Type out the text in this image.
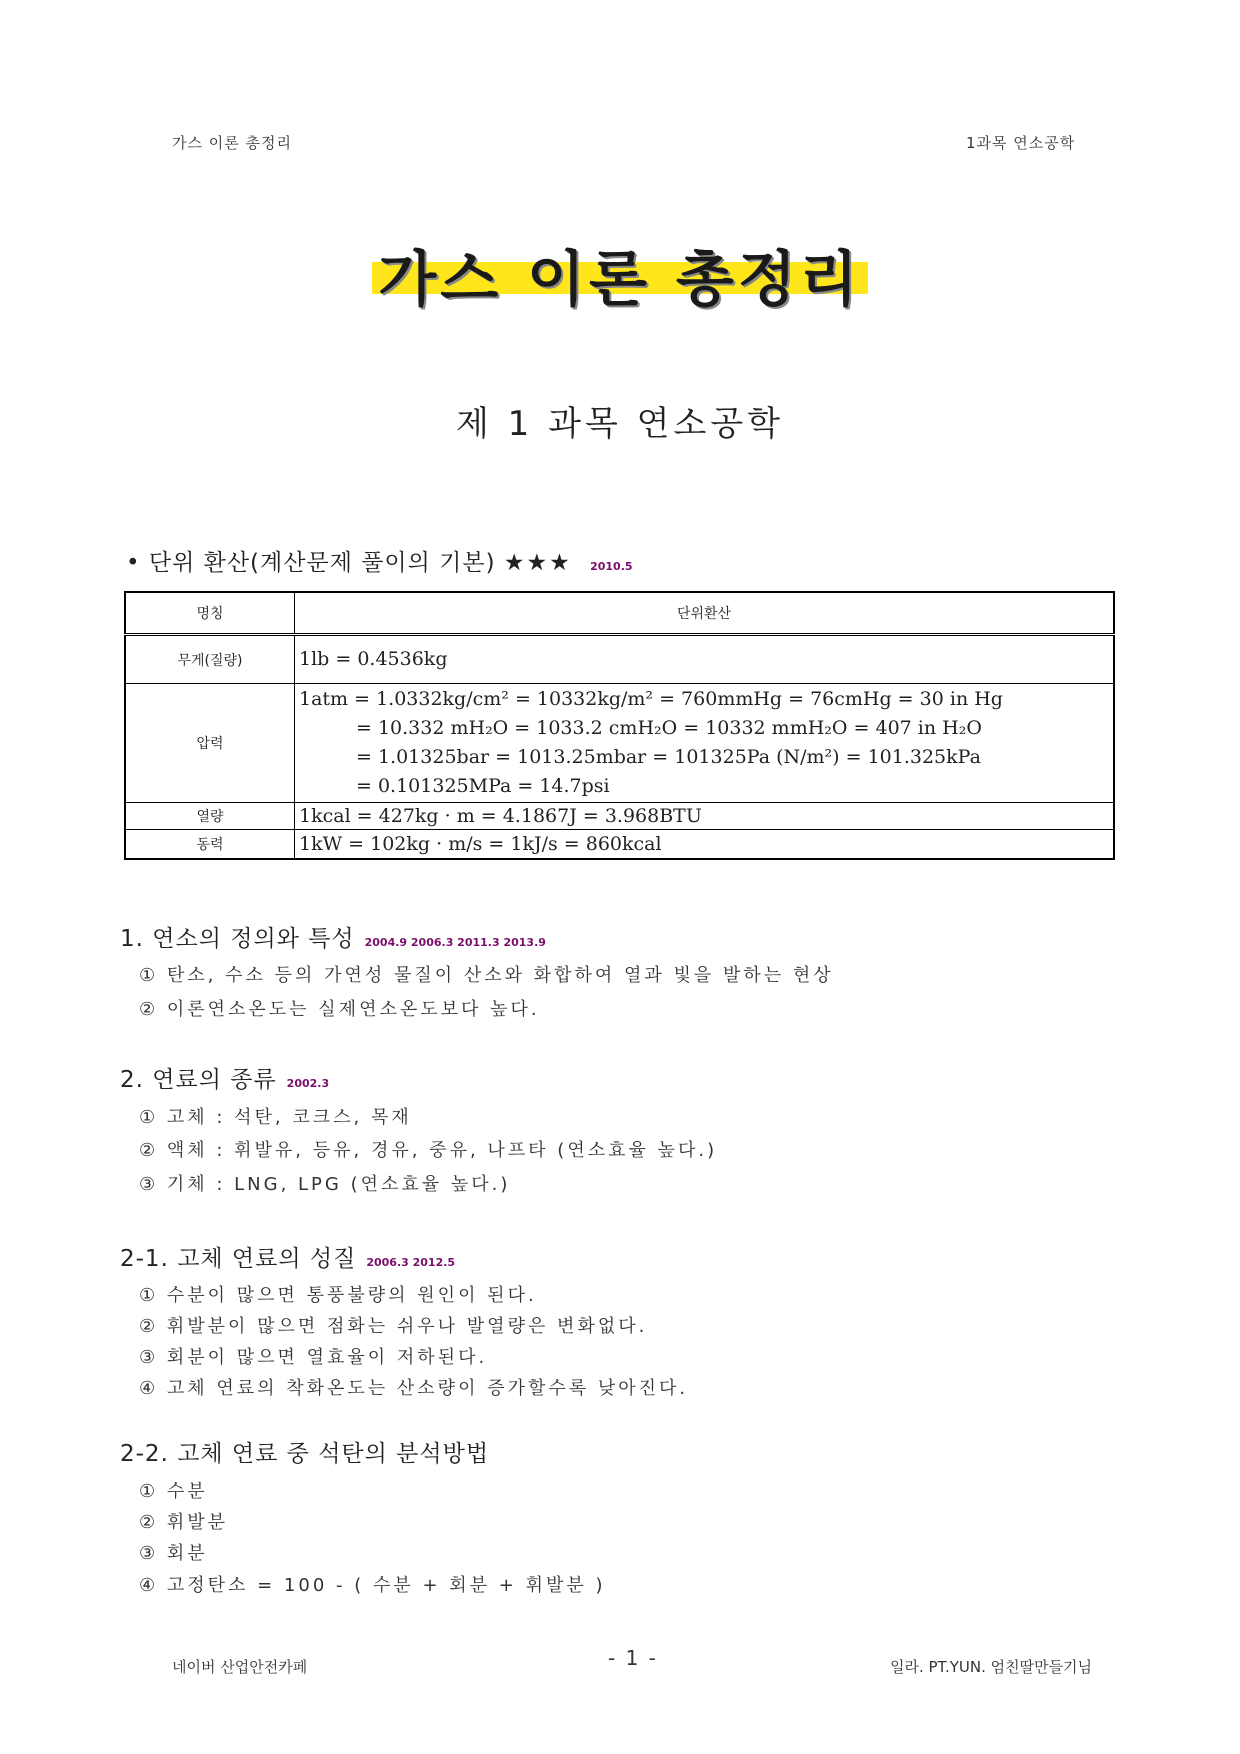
가스 이론 총정리	1과목 연소공학
가스 이론 총정리
제 1 과목 연소공학
• 단위 환산(계산문제 풀이의 기본) ★★★ 2010.5
명칭	단위환산
무게(질량)	1lb = 0.4536kg

압력	1atm = 1.0332kg/cm² = 10332kg/m² = 760mmHg = 76cmHg = 30 in Hg
= 10.332 mH₂O = 1033.2 cmH₂O = 10332 mmH₂O = 407 in H₂O
= 1.01325bar = 1013.25mbar = 101325Pa (N/m²) = 101.325kPa
= 0.101325MPa = 14.7psi

열량	1kcal = 427kg · m = 4.1867J = 3.968BTU

동력	1kW = 102kg · m/s = 1kJ/s = 860kcal
1. 연소의 정의와 특성 2004.9 2006.3 2011.3 2013.9
① 탄소, 수소 등의 가연성 물질이 산소와 화합하여 열과 빛을 발하는 현상
② 이론연소온도는 실제연소온도보다 높다.
2. 연료의 종류 2002.3
① 고체 : 석탄, 코크스, 목재
② 액체 : 휘발유, 등유, 경유, 중유, 나프타 (연소효율 높다.)
③ 기체 : LNG, LPG (연소효율 높다.)
2-1. 고체 연료의 성질 2006.3 2012.5
① 수분이 많으면 통풍불량의 원인이 된다.
② 휘발분이 많으면 점화는 쉬우나 발열량은 변화없다.
③ 회분이 많으면 열효율이 저하된다.
④ 고체 연료의 착화온도는 산소량이 증가할수록 낮아진다.
2-2. 고체 연료 중 석탄의 분석방법
① 수분
② 휘발분
③ 회분
④ 고정탄소 = 100 - ( 수분 + 회분 + 휘발분 )
네이버 산업안전카페	- 1 -	일라. PT.YUN. 엄친딸만들기님
